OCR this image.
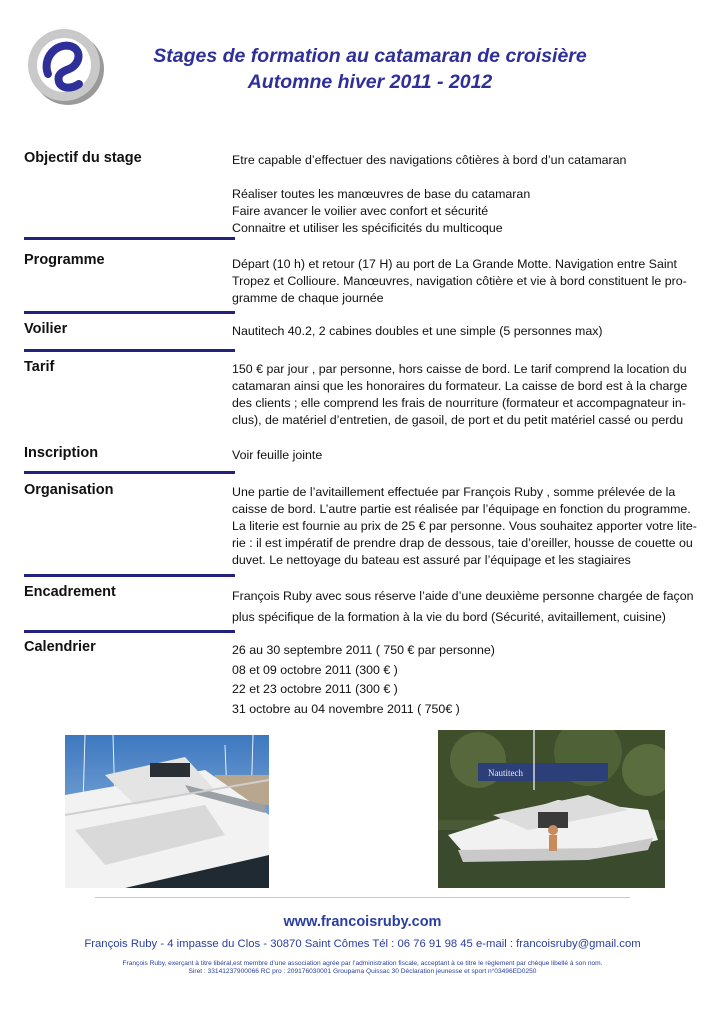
Stages de formation au catamaran de croisière
Automne hiver 2011 - 2012
Objectif du stage	Etre capable d’effectuer des navigations côtières à bord d’un catamaran
Réaliser toutes les manœuvres de base du catamaran
Faire avancer le voilier avec confort et sécurité
Connaitre et utiliser les spécificités du multicoque
Programme	Départ (10 h) et retour (17 H) au port de La Grande Motte. Navigation entre Saint
Tropez et Collioure. Manœuvres, navigation côtière et vie à bord constituent le pro-
gramme de chaque journée
Voilier	Nautitech 40.2, 2 cabines doubles et une simple (5 personnes max)
Tarif	150 € par jour , par personne, hors caisse de bord. Le tarif comprend la location du
catamaran ainsi que les honoraires du formateur. La caisse de bord est à la charge
des clients ; elle comprend les frais de nourriture (formateur et accompagnateur in-
clus), de matériel d’entretien, de gasoil, de port et du petit matériel cassé ou perdu
Inscription	Voir feuille jointe
Organisation	Une partie de l’avitaillement effectuée par François Ruby , somme prélevée de la
caisse de bord. L’autre partie est réalisée par l’équipage en fonction du programme.
La literie est fournie au prix de 25 € par personne. Vous souhaitez apporter votre lite-
rie : il est impératif de prendre drap de dessous, taie d’oreiller, housse de couette ou
duvet. Le nettoyage du bateau est assuré par l’équipage et les stagiaires
Encadrement	François Ruby avec sous réserve l’aide d’une deuxième personne chargée de façon
plus spécifique de la formation à la vie du bord (Sécurité, avitaillement, cuisine)
Calendrier	26 au 30 septembre 2011 ( 750 € par personne)
08 et 09 octobre 2011 (300 € )
22 et 23 octobre 2011 (300 € )
31 octobre au 04 novembre 2011 ( 750€ )
Nautitech
www.francoisruby.com
François Ruby - 4 impasse du Clos - 30870 Saint Cômes Tél : 06 76 91 98 45 e-mail : francoisruby@gmail.com
François Ruby, exerçant à titre libéral,est membre d’une association agrée par l’administration fiscale, acceptant à ce titre le règlement par chèque libellé à son nom.
Siret : 33141237900066 RC pro : 209176030001 Groupama Quissac 30 Déclaration jeunesse et sport n°03496ED0250
